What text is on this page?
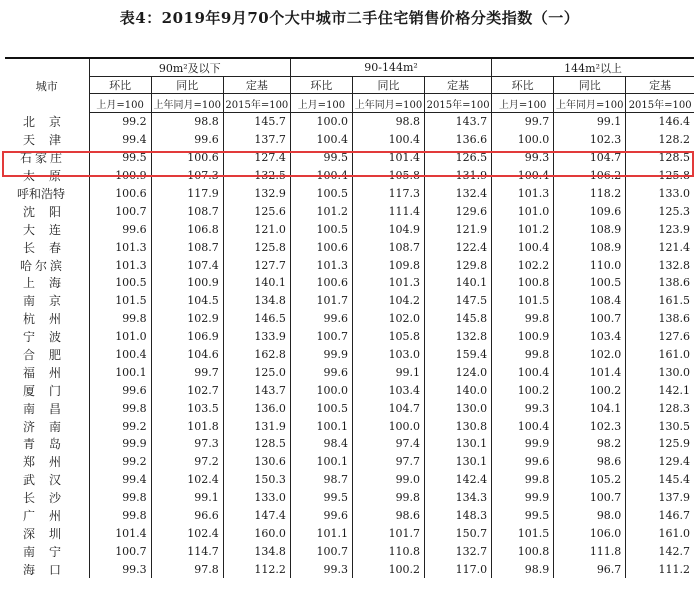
表4：2019年9月70个大中城市二手住宅销售价格分类指数（一）
城市	90m²及以下			90-144m²			144m²以上		
	环比	同比	定基	环比	同比	定基	环比	同比	定基
	上月=100	上年同月=100	2015年=100	上月=100	上年同月=100	2015年=100	上月=100	上年同月=100	2015年=100
北京	99.2	98.8	145.7	100.0	98.8	143.7	99.7	99.1	146.4
天津	99.4	99.6	137.7	100.4	100.4	136.6	100.0	102.3	128.2
石家庄	99.5	100.6	127.4	99.5	101.4	126.5	99.3	104.7	128.5
太原	100.9	107.3	132.5	100.4	105.8	131.9	100.4	106.2	125.8
呼和浩特	100.6	117.9	132.9	100.5	117.3	132.4	101.3	118.2	133.0
沈阳	100.7	108.7	125.6	101.2	111.4	129.6	101.0	109.6	125.3
大连	99.6	106.8	121.0	100.5	104.9	121.9	101.2	108.9	123.9
长春	101.3	108.7	125.8	100.6	108.7	122.4	100.4	108.9	121.4
哈尔滨	101.3	107.4	127.7	101.3	109.8	129.8	102.2	110.0	132.8
上海	100.5	100.9	140.1	100.6	101.3	140.1	100.8	100.5	138.6
南京	101.5	104.5	134.8	101.7	104.2	147.5	101.5	108.4	161.5
杭州	99.8	102.9	146.5	99.6	102.0	145.8	99.8	100.7	138.6
宁波	101.0	106.9	133.9	100.7	105.8	132.8	100.9	103.4	127.6
合肥	100.4	104.6	162.8	99.9	103.0	159.4	99.8	102.0	161.0
福州	100.1	99.7	125.0	99.6	99.1	124.0	100.4	101.4	130.0
厦门	99.6	102.7	143.7	100.0	103.4	140.0	100.2	100.2	142.1
南昌	99.8	103.5	136.0	100.5	104.7	130.0	99.3	104.1	128.3
济南	99.2	101.8	131.9	100.1	100.0	130.8	100.4	102.3	130.5
青岛	99.9	97.3	128.5	98.4	97.4	130.1	99.9	98.2	125.9
郑州	99.2	97.2	130.6	100.1	97.7	130.1	99.6	98.6	129.4
武汉	99.4	102.4	150.3	98.7	99.0	142.4	99.8	105.2	145.4
长沙	99.8	99.1	133.0	99.5	99.8	134.3	99.9	100.7	137.9
广州	99.8	96.6	147.4	99.6	98.6	148.3	99.5	98.0	146.7
深圳	101.4	102.4	160.0	101.1	101.7	150.7	101.5	106.0	161.0
南宁	100.7	114.7	134.8	100.7	110.8	132.7	100.8	111.8	142.7
海口	99.3	97.8	112.2	99.3	100.2	117.0	98.9	96.7	111.2
